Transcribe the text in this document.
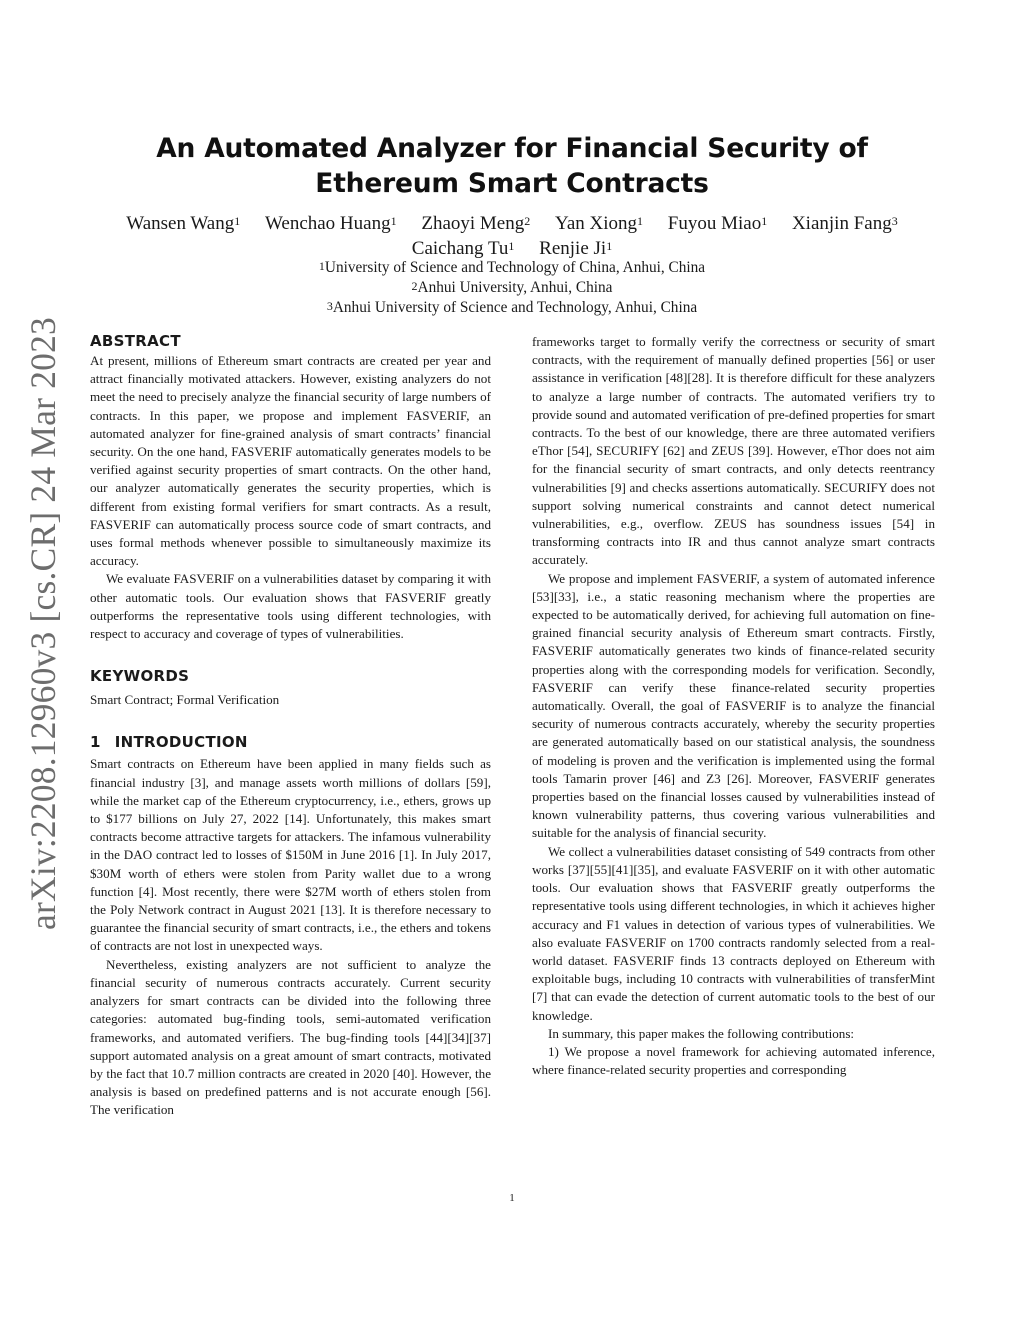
arXiv:2208.12960v3 [cs.CR] 24 Mar 2023
An Automated Analyzer for Financial Security of Ethereum Smart Contracts
Wansen Wang$^1$ Wenchao Huang$^1$ Zhaoyi Meng$^2$ Yan Xiong$^1$ Fuyou Miao$^1$ Xianjin Fang$^3$
Caichang Tu$^1$ Renjie Ji$^1$
$^1$University of Science and Technology of China, Anhui, China
$^2$Anhui University, Anhui, China
$^3$Anhui University of Science and Technology, Anhui, China
ABSTRACT

At present, millions of Ethereum smart contracts are created per year and attract financially motivated attackers. However, existing analyzers do not meet the need to precisely analyze the financial security of large numbers of contracts. In this paper, we propose and implement FASVERIF, an automated analyzer for fine-grained analysis of smart contracts’ financial security. On the one hand, FASVERIF automatically generates models to be verified against security properties of smart contracts. On the other hand, our analyzer automatically generates the security properties, which is different from existing formal verifiers for smart contracts. As a result, FASVERIF can automatically process source code of smart contracts, and uses formal methods whenever possible to simultaneously maximize its accuracy.

We evaluate FASVERIF on a vulnerabilities dataset by comparing it with other automatic tools. Our evaluation shows that FASVERIF greatly outperforms the representative tools using different technologies, with respect to accuracy and coverage of types of vulnerabilities.

KEYWORDS
Smart Contract; Formal Verification
1 INTRODUCTION

Smart contracts on Ethereum have been applied in many fields such as financial industry [3], and manage assets worth millions of dollars [59], while the market cap of the Ethereum cryptocurrency, i.e., ethers, grows up to $177 billions on July 27, 2022 [14]. Unfortunately, this makes smart contracts become attractive targets for attackers. The infamous vulnerability in the DAO contract led to losses of $150M in June 2016 [1]. In July 2017, $30M worth of ethers were stolen from Parity wallet due to a wrong function [4]. Most recently, there were $27M worth of ethers stolen from the Poly Network contract in August 2021 [13]. It is therefore necessary to guarantee the financial security of smart contracts, i.e., the ethers and tokens of contracts are not lost in unexpected ways.

Nevertheless, existing analyzers are not sufficient to analyze the financial security of numerous contracts accurately. Current security analyzers for smart contracts can be divided into the following three categories: automated bug-finding tools, semi-automated verification frameworks, and automated verifiers. The bug-finding tools [44][34][37] support automated analysis on a great amount of smart contracts, motivated by the fact that 10.7 million contracts are created in 2020 [40]. However, the analysis is based on predefined patterns and is not accurate enough [56]. The verification

frameworks target to formally verify the correctness or security of smart contracts, with the requirement of manually defined properties [56] or user assistance in verification [48][28]. It is therefore difficult for these analyzers to analyze a large number of contracts. The automated verifiers try to provide sound and automated verification of pre-defined properties for smart contracts. To the best of our knowledge, there are three automated verifiers eThor [54], SECURIFY [62] and ZEUS [39]. However, eThor does not aim for the financial security of smart contracts, and only detects reentrancy vulnerabilities [9] and checks assertions automatically. SECURIFY does not support solving numerical constraints and cannot detect numerical vulnerabilities, e.g., overflow. ZEUS has soundness issues [54] in transforming contracts into IR and thus cannot analyze smart contracts accurately.

We propose and implement FASVERIF, a system of automated inference [53][33], i.e., a static reasoning mechanism where the properties are expected to be automatically derived, for achieving full automation on fine-grained financial security analysis of Ethereum smart contracts. Firstly, FASVERIF automatically generates two kinds of finance-related security properties along with the corresponding models for verification. Secondly, FASVERIF can verify these finance-related security properties automatically. Overall, the goal of FASVERIF is to analyze the financial security of numerous contracts accurately, whereby the security properties are generated automatically based on our statistical analysis, the soundness of modeling is proven and the verification is implemented using the formal tools Tamarin prover [46] and Z3 [26]. Moreover, FASVERIF generates properties based on the financial losses caused by vulnerabilities instead of known vulnerability patterns, thus covering various vulnerabilities and suitable for the analysis of financial security.

We collect a vulnerabilities dataset consisting of 549 contracts from other works [37][55][41][35], and evaluate FASVERIF on it with other automatic tools. Our evaluation shows that FASVERIF greatly outperforms the representative tools using different technologies, in which it achieves higher accuracy and F1 values in detection of various types of vulnerabilities. We also evaluate FASVERIF on 1700 contracts randomly selected from a real-world dataset. FASVERIF finds 13 contracts deployed on Ethereum with exploitable bugs, including 10 contracts with vulnerabilities of transferMint [7] that can evade the detection of current automatic tools to the best of our knowledge.

In summary, this paper makes the following contributions:

1) We propose a novel framework for achieving automated inference, where finance-related security properties and corresponding

1
